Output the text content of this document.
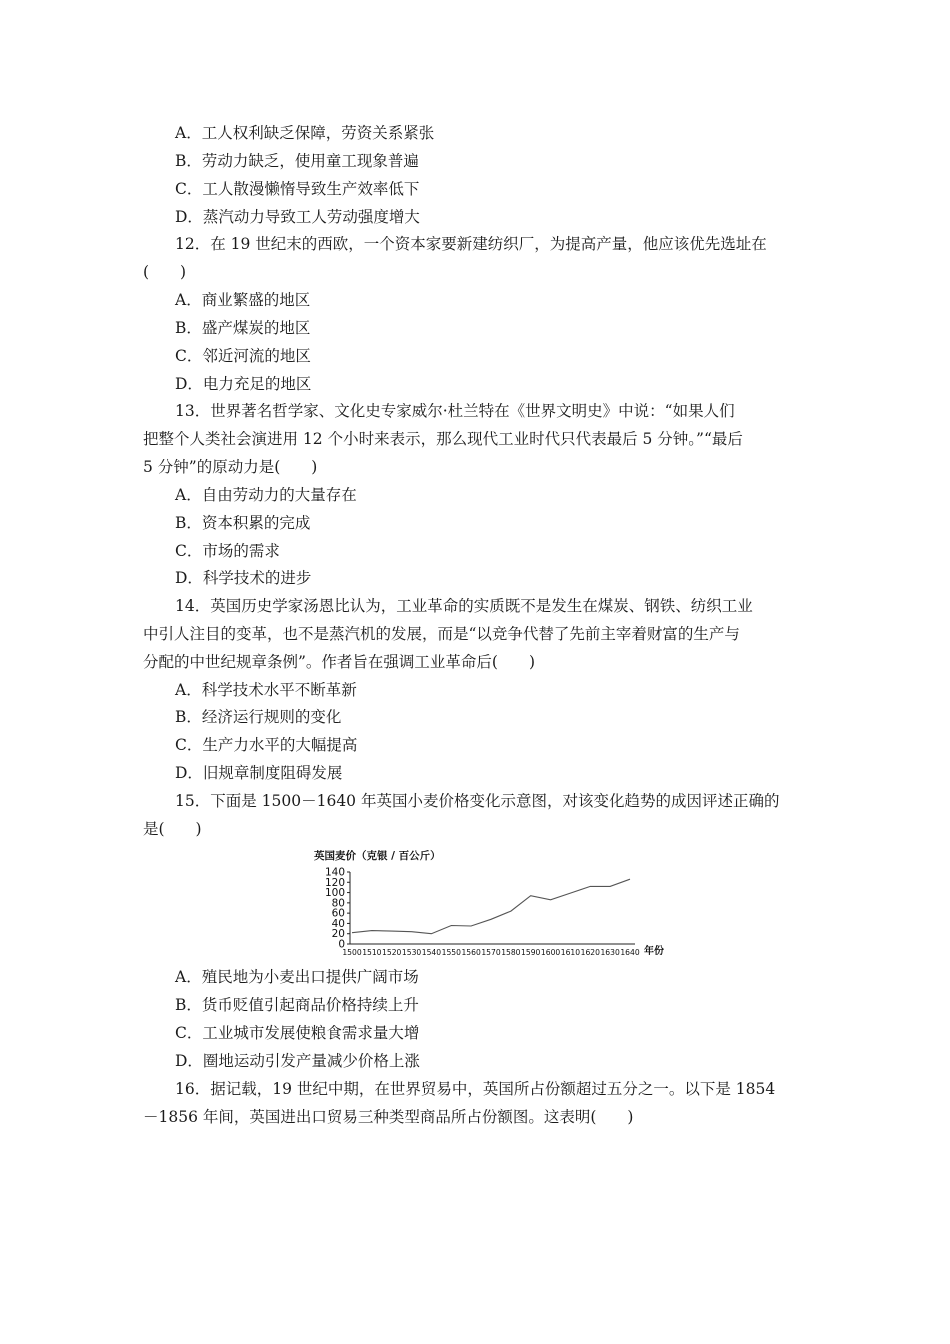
A．工人权利缺乏保障，劳资关系紧张
B．劳动力缺乏，使用童工现象普遍
C．工人散漫懒惰导致生产效率低下
D．蒸汽动力导致工人劳动强度增大
12．在 19 世纪末的西欧，一个资本家要新建纺织厂，为提高产量，他应该优先选址在
(　　)
A．商业繁盛的地区
B．盛产煤炭的地区
C．邻近河流的地区
D．电力充足的地区
13．世界著名哲学家、文化史专家威尔·杜兰特在《世界文明史》中说：“如果人们
把整个人类社会演进用 12 个小时来表示，那么现代工业时代只代表最后 5 分钟。”“最后
5 分钟”的原动力是(　　)
A．自由劳动力的大量存在
B．资本积累的完成
C．市场的需求
D．科学技术的进步
14．英国历史学家汤恩比认为，工业革命的实质既不是发生在煤炭、钢铁、纺织工业
中引人注目的变革，也不是蒸汽机的发展，而是“以竞争代替了先前主宰着财富的生产与
分配的中世纪规章条例”。作者旨在强调工业革命后(　　)
A．科学技术水平不断革新
B．经济运行规则的变化
C．生产力水平的大幅提高
D．旧规章制度阻碍发展
15．下面是 1500－1640 年英国小麦价格变化示意图，对该变化趋势的成因评述正确的
是(　　)
英国麦价（克银 / 百公斤）
0
20
40
60
80
100
120
140
1500 1510 1520 1530 1540 1550 1560 1570 1580 1590 1600 1610 1620 1630 1640 年份
A．殖民地为小麦出口提供广阔市场
B．货币贬值引起商品价格持续上升
C．工业城市发展使粮食需求量大增
D．圈地运动引发产量减少价格上涨
16．据记载，19 世纪中期，在世界贸易中，英国所占份额超过五分之一。以下是 1854
－1856 年间，英国进出口贸易三种类型商品所占份额图。这表明(　　)
